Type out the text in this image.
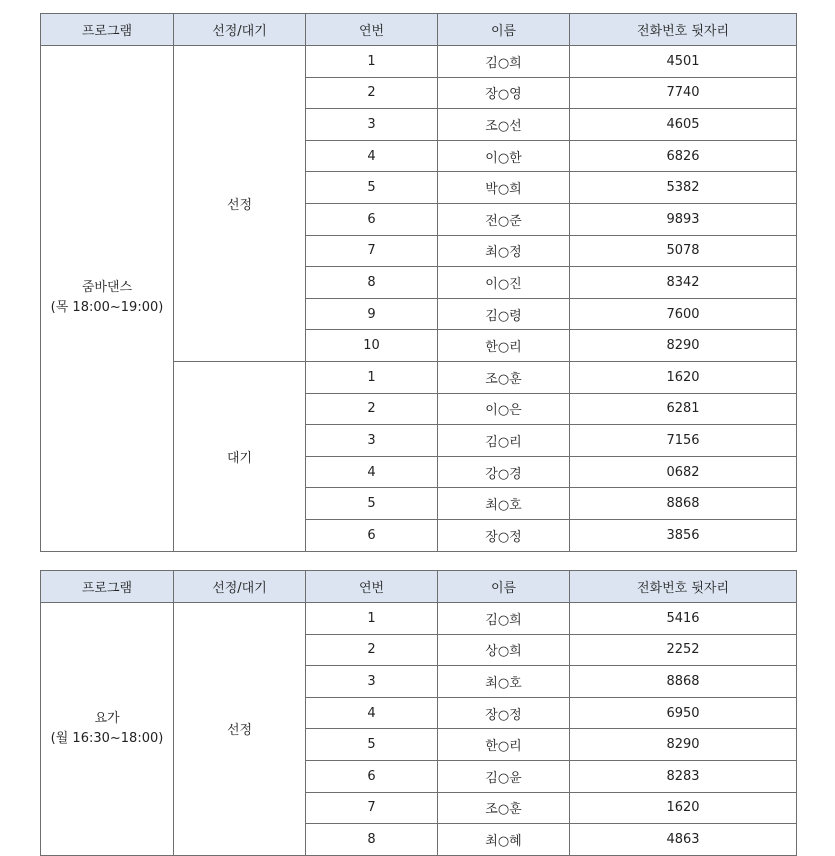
프로그램	선정/대기	연번	이름	전화번호 뒷자리

줌바댄스
(목 18:00~19:00)	선정	1	김○희	4501
		2	장○영	7740
		3	조○선	4605
		4	이○한	6826
		5	박○희	5382
		6	전○준	9893
		7	최○정	5078
		8	이○진	8342
		9	김○령	7600
		10	한○리	8290
	대기	1	조○훈	1620
		2	이○은	6281
		3	김○리	7156
		4	강○경	0682
		5	최○호	8868
		6	장○정	3856
프로그램	선정/대기	연번	이름	전화번호 뒷자리

요가
(월 16:30~18:00)	선정	1	김○희	5416
		2	상○희	2252
		3	최○호	8868
		4	장○정	6950
		5	한○리	8290
		6	김○윤	8283
		7	조○훈	1620
		8	최○혜	4863
